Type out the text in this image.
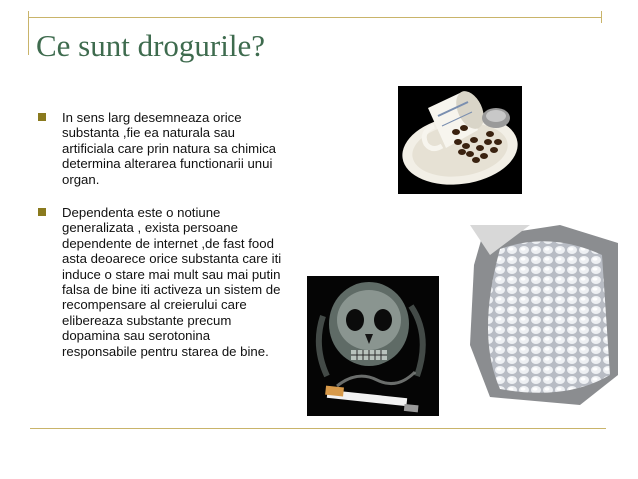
Ce sunt drogurile?
In sens larg desemneaza orice substanta ,fie ea naturala sau artificiala care prin natura sa chimica determina alterarea functionarii unui organ.
Dependenta este o notiune generalizata , exista persoane dependente de internet ,de fast food asta deoarece orice substanta care iti induce o stare mai mult sau mai putin falsa de bine iti activeza un sistem de recompensare al creierului care elibereaza substante precum dopamina sau serotonina responsabile pentru starea de bine.
